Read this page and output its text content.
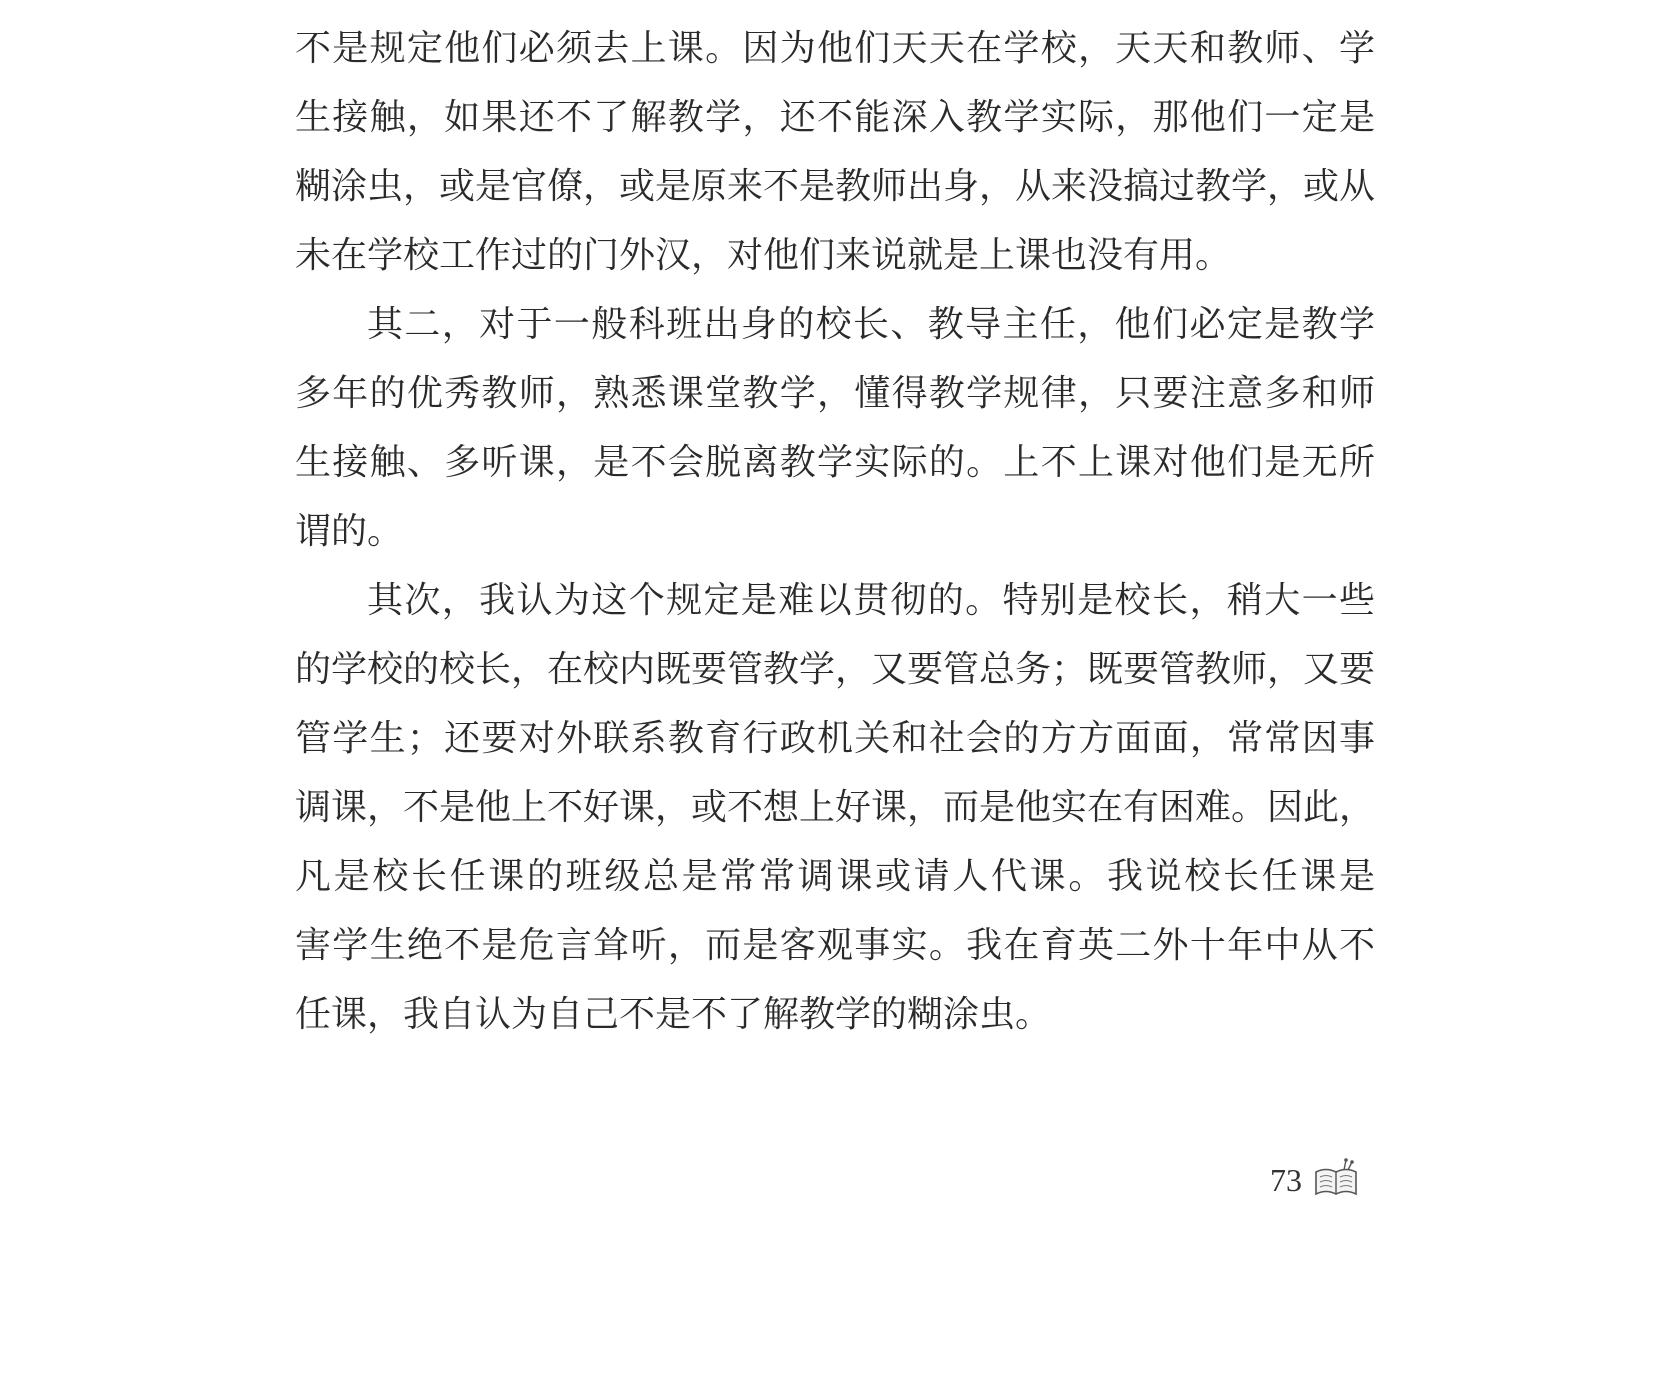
不是规定他们必须去上课。因为他们天天在学校，天天和教师、学
生接触，如果还不了解教学，还不能深入教学实际，那他们一定是
糊涂虫，或是官僚，或是原来不是教师出身，从来没搞过教学，或从
未在学校工作过的门外汉，对他们来说就是上课也没有用。
其二，对于一般科班出身的校长、教导主任，他们必定是教学
多年的优秀教师，熟悉课堂教学，懂得教学规律，只要注意多和师
生接触、多听课，是不会脱离教学实际的。上不上课对他们是无所
谓的。
其次，我认为这个规定是难以贯彻的。特别是校长，稍大一些
的学校的校长，在校内既要管教学，又要管总务；既要管教师，又要
管学生；还要对外联系教育行政机关和社会的方方面面，常常因事
调课，不是他上不好课，或不想上好课，而是他实在有困难。因此，
凡是校长任课的班级总是常常调课或请人代课。我说校长任课是
害学生绝不是危言耸听，而是客观事实。我在育英二外十年中从不
任课，我自认为自己不是不了解教学的糊涂虫。
73
